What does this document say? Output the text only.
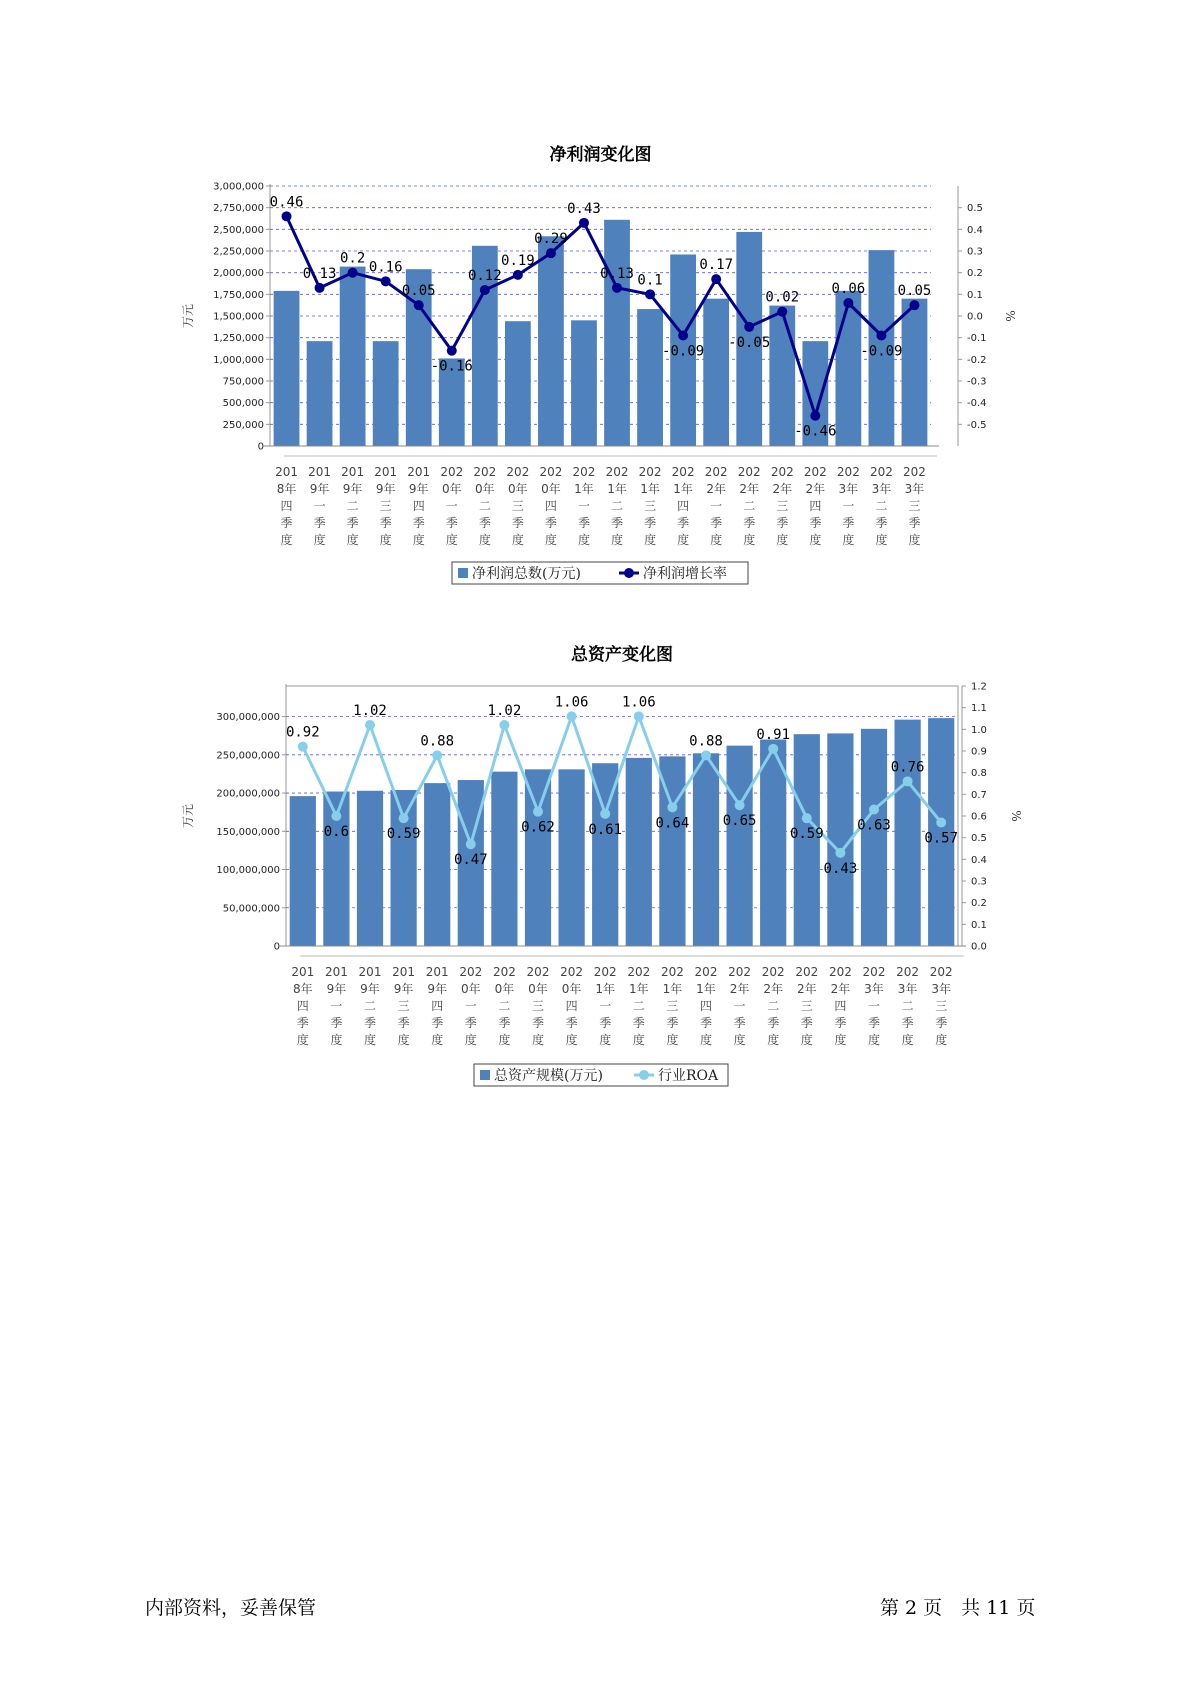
净利润变化图
0
250,000
500,000
750,000
1,000,000
1,250,000
1,500,000
1,750,000
2,000,000
2,250,000
2,500,000
2,750,000
3,000,000
-0.5
-0.4
-0.3
-0.2
-0.1
0.0
0.1
0.2
0.3
0.4
0.5
万元	%
201
8年
四
季
度
201
9年
一
季
度
201
9年
二
季
度
201
9年
三
季
度
201
9年
四
季
度
202
0年
一
季
度
202
0年
二
季
度
202
0年
三
季
度
202
0年
四
季
度
202
1年
一
季
度
202
1年
二
季
度
202
1年
三
季
度
202
1年
四
季
度
202
2年
一
季
度
202
2年
二
季
度
202
2年
三
季
度
202
2年
四
季
度
202
3年
一
季
度
202
3年
二
季
度
202
3年
三
季
度
0.46
0.13
0.2
0.16
0.05
-0.16
0.12
0.19
0.29
0.43
0.13 0.1
-0.09
0.17
-0.05
0.02
-0.46
0.06
-0.09
0.05
净利润总数(万元)	净利润增长率
总资产变化图
0
50,000,000
100,000,000
150,000,000
200,000,000
250,000,000
300,000,000
0.0
0.1
0.2
0.3
0.4
0.5
0.6
0.7
0.8
0.9
1.0
1.1
1.2
万元	%
201
8年
四
季
度
201
9年
一
季
度
201
9年
二
季
度
201
9年
三
季
度
201
9年
四
季
度
202
0年
一
季
度
202
0年
二
季
度
202
0年
三
季
度
202
0年
四
季
度
202
1年
一
季
度
202
1年
二
季
度
202
1年
三
季
度
202
1年
四
季
度
202
2年
一
季
度
202
2年
二
季
度
202
2年
三
季
度
202
2年
四
季
度
202
3年
一
季
度
202
3年
二
季
度
202
3年
三
季
度
0.92
0.6
1.02
0.59
0.88
0.47
1.02
0.62
1.06
0.61
1.06
0.64
0.88
0.65
0.91
0.59
0.43
0.63
0.76
0.57
总资产规模(万元)	行业ROA
内部资料，妥善保管	第 2 页　共 11 页
